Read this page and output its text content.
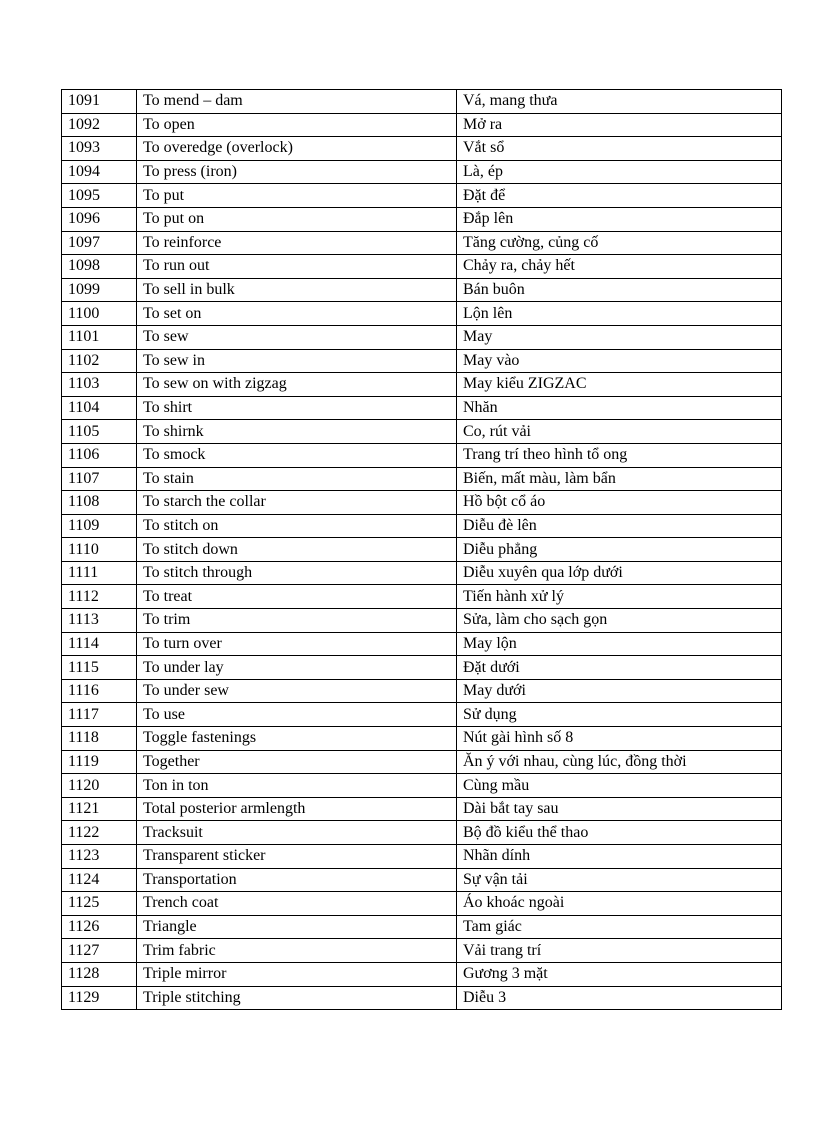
1091	To mend – dam	Vá, mang thưa
1092	To open	Mở ra
1093	To overedge (overlock)	Vắt sổ
1094	To press (iron)	Là, ép
1095	To put	Đặt để
1096	To put on	Đắp lên
1097	To reinforce	Tăng cường, củng cố
1098	To run out	Chảy ra, chảy hết
1099	To sell in bulk	Bán buôn
1100	To set on	Lộn lên
1101	To sew	May
1102	To sew in	May vào
1103	To sew on with zigzag	May kiểu ZIGZAC
1104	To shirt	Nhăn
1105	To shirnk	Co, rút vải
1106	To smock	Trang trí theo hình tổ ong
1107	To stain	Biến, mất màu, làm bẩn
1108	To starch the collar	Hồ bột cổ áo
1109	To stitch on	Diễu đè lên
1110	To stitch down	Diễu phẳng
1111	To stitch through	Diễu xuyên qua lớp dưới
1112	To treat	Tiến hành xử lý
1113	To trim	Sửa, làm cho sạch gọn
1114	To turn over	May lộn
1115	To under lay	Đặt dưới
1116	To under sew	May dưới
1117	To use	Sử dụng
1118	Toggle fastenings	Nút gài hình số 8
1119	Together	Ăn ý với nhau, cùng lúc, đồng thời
1120	Ton in ton	Cùng mầu
1121	Total posterior armlength	Dài bắt tay sau
1122	Tracksuit	Bộ đồ kiểu thể thao
1123	Transparent sticker	Nhãn dính
1124	Transportation	Sự vận tải
1125	Trench coat	Áo khoác ngoài
1126	Triangle	Tam giác
1127	Trim fabric	Vải trang trí
1128	Triple mirror	Gương 3 mặt
1129	Triple stitching	Diễu 3
